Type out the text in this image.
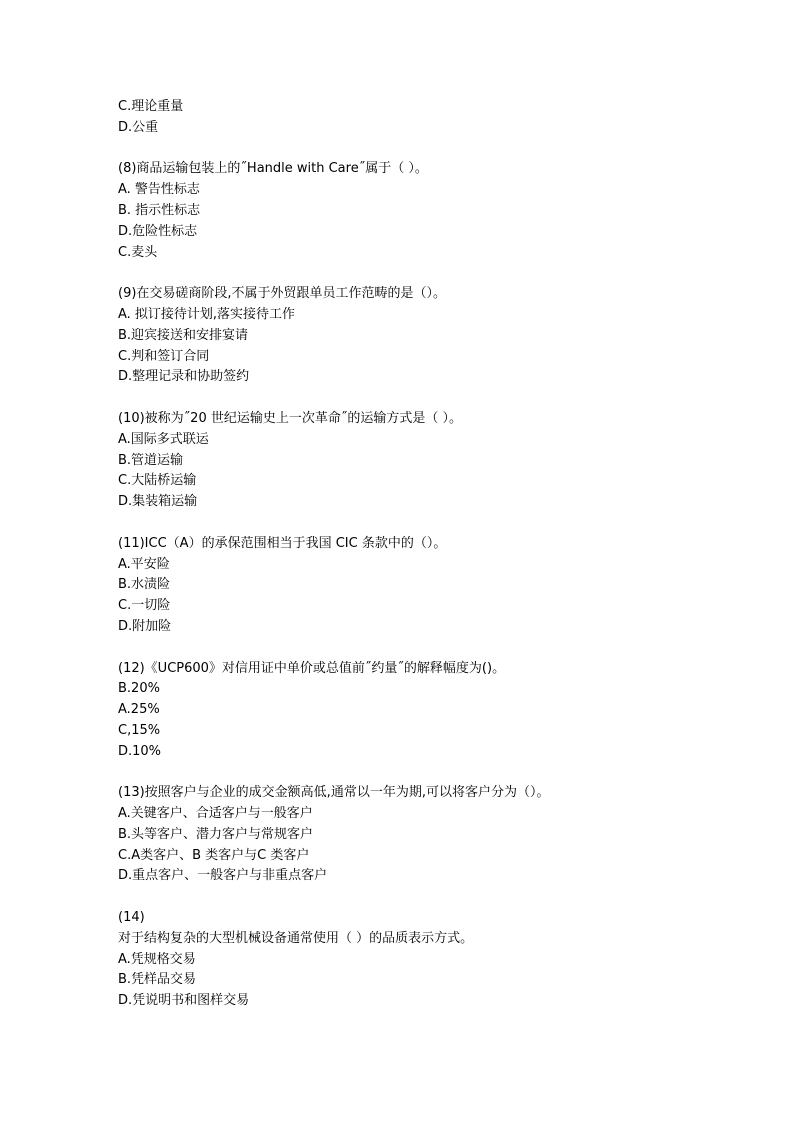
C.理论重量
D.公重
(8)商品运输包装上的˝Handle with Care˝属于（ ）。
A. 警告性标志
B. 指示性标志
D.危险性标志
C.麦头
(9)在交易磋商阶段,不属于外贸跟单员工作范畴的是（）。
A. 拟订接待计划,落实接待工作
B.迎宾接送和安排宴请
C.判和签订合同
D.整理记录和协助签约
(10)被称为˝20 世纪运输史上一次革命˝的运输方式是（ ）。
A.国际多式联运
B.管道运输
C.大陆桥运输
D.集装箱运输
(11)ICC（A）的承保范围相当于我国 CIC 条款中的（）。
A.平安险
B.水渍险
C.一切险
D.附加险
(12)《UCP600》对信用证中单价或总值前˝约量˝的解释幅度为()。
B.20%
A.25%
C,15%
D.10%
(13)按照客户与企业的成交金额高低,通常以一年为期,可以将客户分为（）。
A.关键客户、合适客户与一般客户
B.头等客户、潜力客户与常规客户
C.A类客户、B 类客户与C 类客户
D.重点客户、一般客户与非重点客户
(14)
对于结构复杂的大型机械设备通常使用（ ）的品质表示方式。
A.凭规格交易
B.凭样品交易
D.凭说明书和图样交易
